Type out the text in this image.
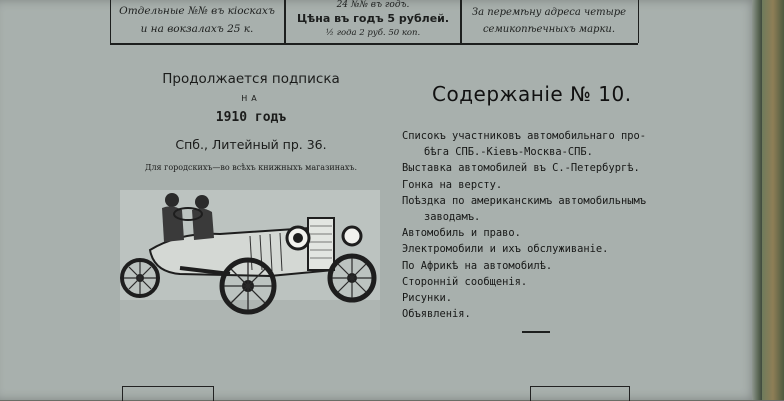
Отдельные №№ въ кіоскахъ
и на вокзалахъ 25 к.
24 №№ въ годъ.
Цѣна въ годъ 5 рублей.
½ года 2 руб. 50 коп.
За перемѣну адреса четыре
семикопѣечныхъ марки.
Продолжается подписка
НА
1910 годъ
Спб., Литейный пр. 36.
Для городскихъ—во всѣхъ книжныхъ магазинахъ.
Содержаніе № 10.
Списокъ участниковъ автомобильнаго про-
бѣга СПБ.-Кіевъ-Москва-СПБ.
Выставка автомобилей въ С.-Петербургѣ.
Гонка на версту.
Поѣздка по американскимъ автомобильнымъ
заводамъ.
Автомобиль и право.
Электромобили и ихъ обслуживаніе.
По Африкѣ на автомобилѣ.
Сторонній сообщенія.
Рисунки.
Объявленія.
